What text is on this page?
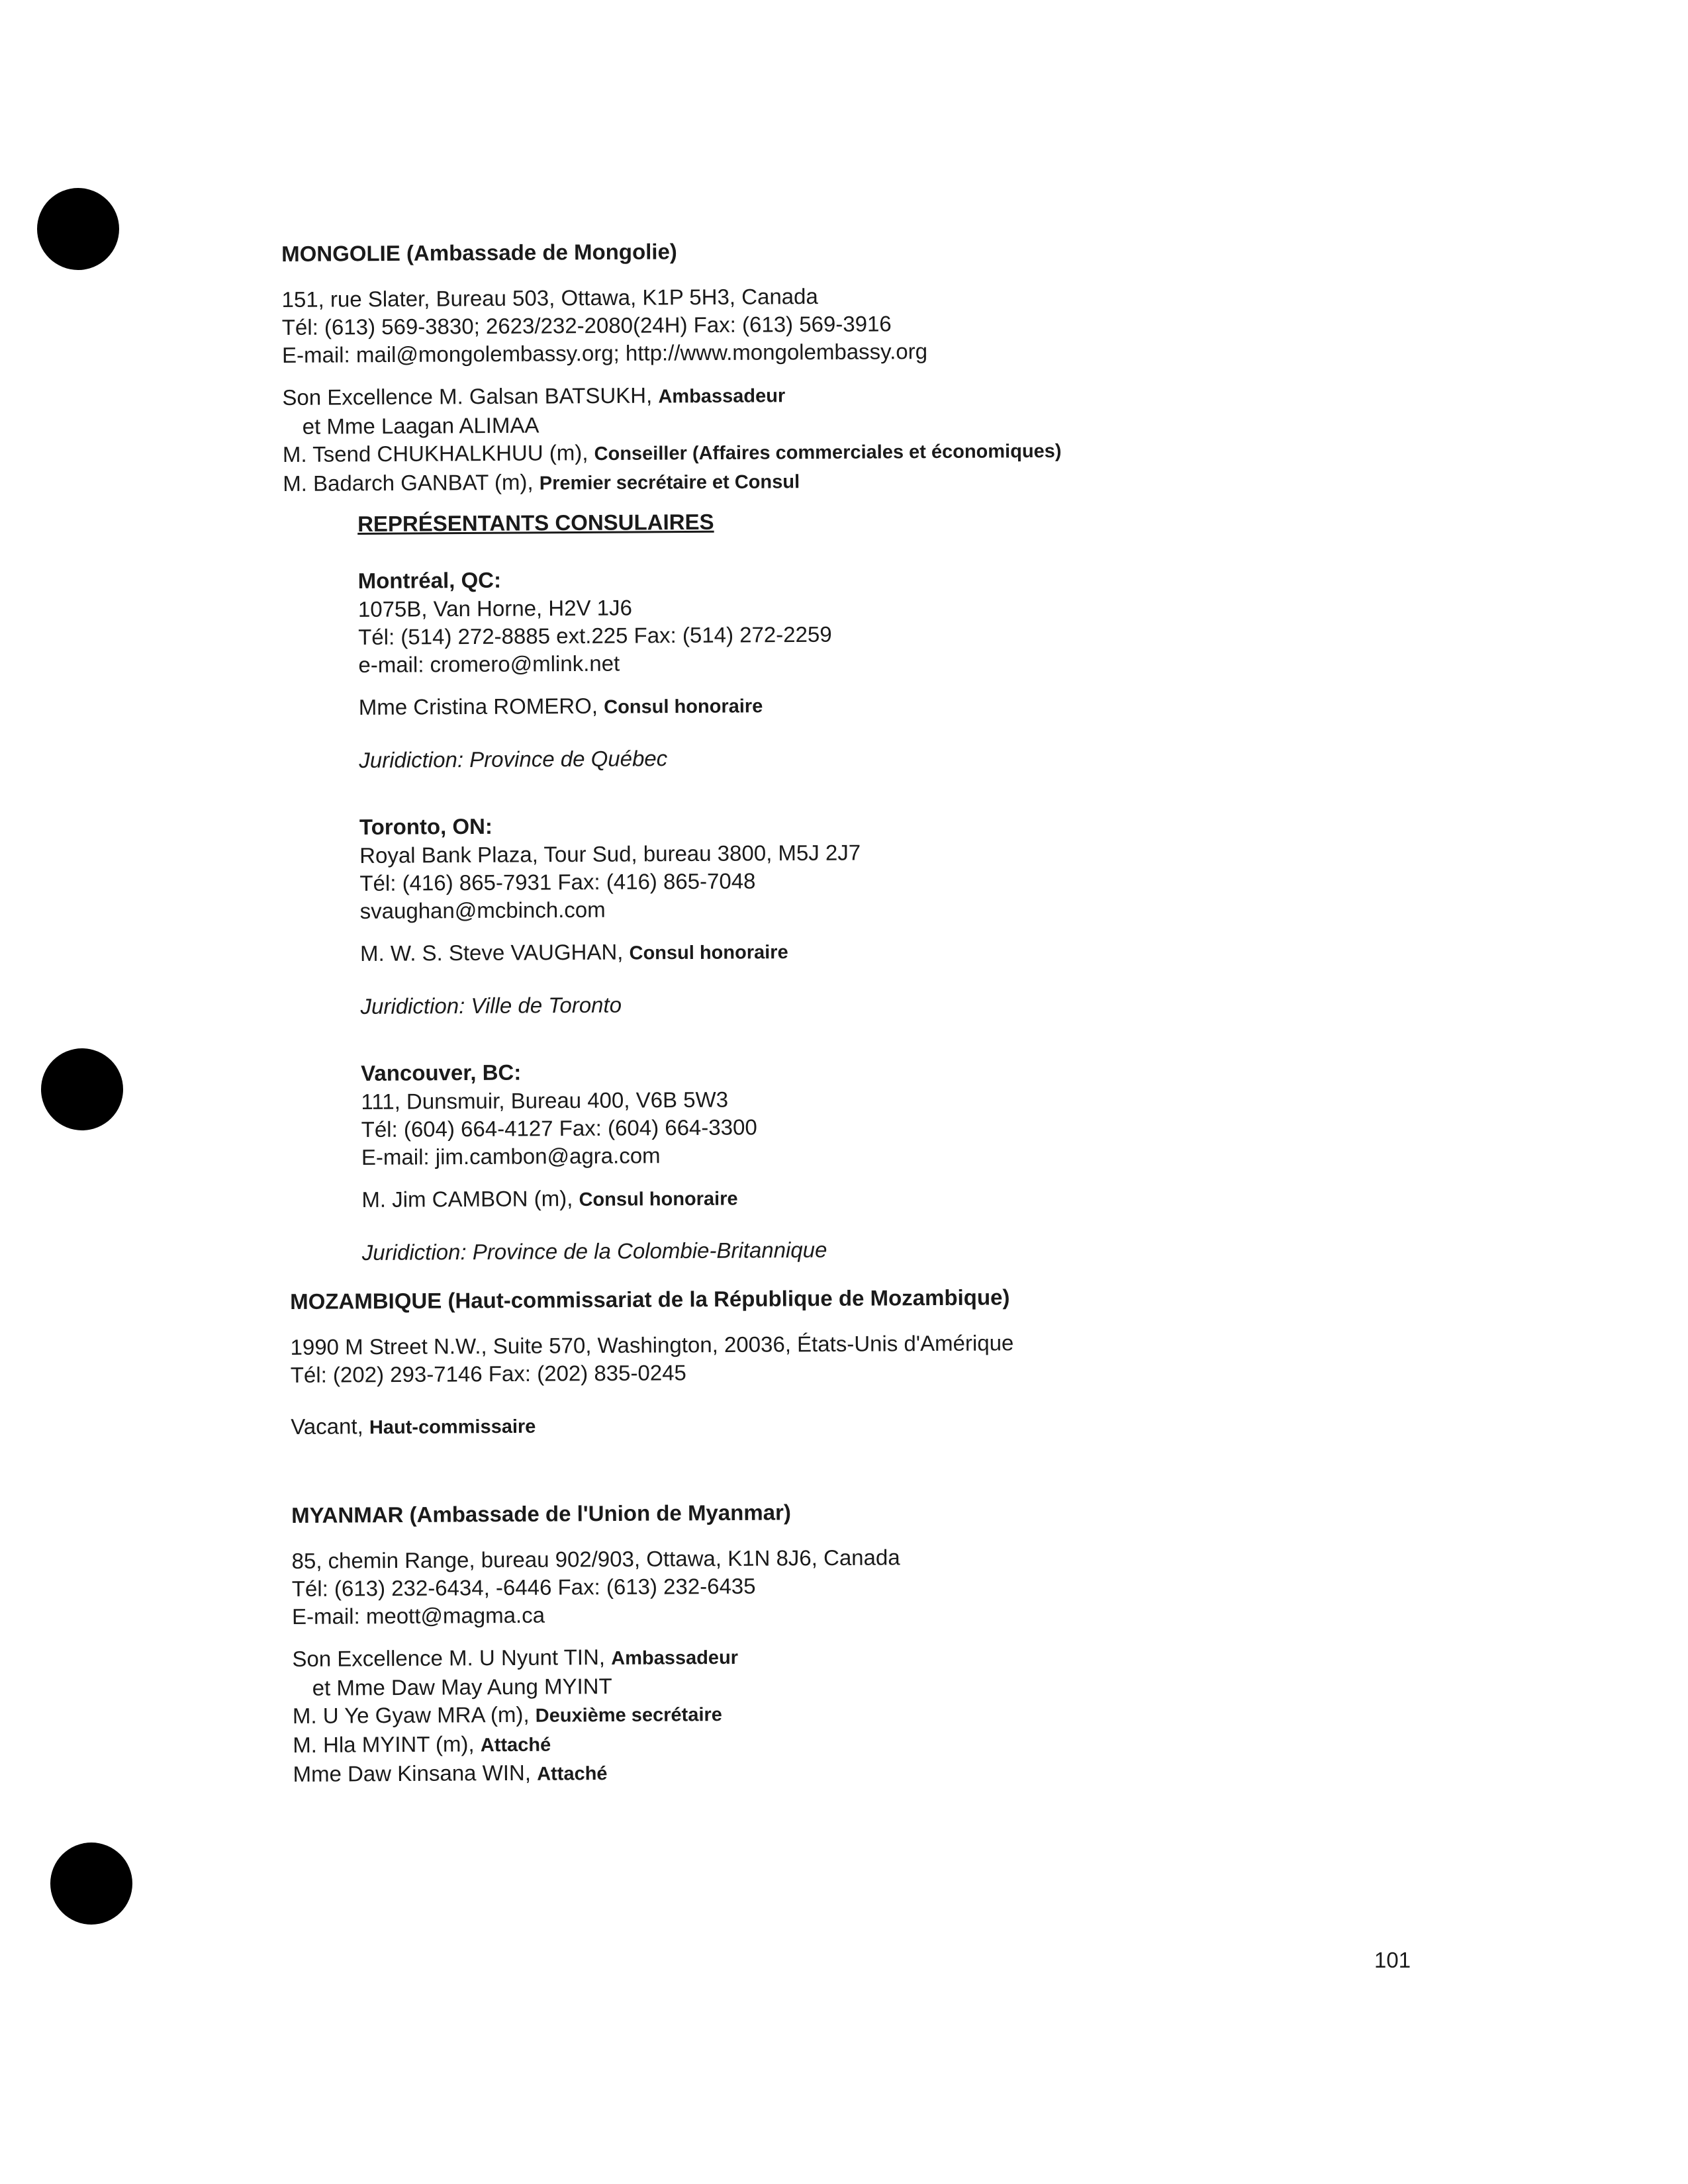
MONGOLIE (Ambassade de Mongolie)
151, rue Slater, Bureau 503, Ottawa, K1P 5H3, Canada
Tél: (613) 569-3830; 2623/232-2080(24H) Fax: (613) 569-3916
E-mail: mail@mongolembassy.org; http://www.mongolembassy.org
Son Excellence M. Galsan BATSUKH, Ambassadeur
et Mme Laagan ALIMAA
M. Tsend CHUKHALKHUU (m), Conseiller (Affaires commerciales et économiques)
M. Badarch GANBAT (m), Premier secrétaire et Consul
REPRÉSENTANTS CONSULAIRES
Montréal, QC:
1075B, Van Horne, H2V 1J6
Tél: (514) 272-8885 ext.225 Fax: (514) 272-2259
e-mail: cromero@mlink.net
Mme Cristina ROMERO, Consul honoraire
Juridiction: Province de Québec
Toronto, ON:
Royal Bank Plaza, Tour Sud, bureau 3800, M5J 2J7
Tél: (416) 865-7931 Fax: (416) 865-7048
svaughan@mcbinch.com
M. W. S. Steve VAUGHAN, Consul honoraire
Juridiction: Ville de Toronto
Vancouver, BC:
111, Dunsmuir, Bureau 400, V6B 5W3
Tél: (604) 664-4127 Fax: (604) 664-3300
E-mail: jim.cambon@agra.com
M. Jim CAMBON (m), Consul honoraire
Juridiction: Province de la Colombie-Britannique
MOZAMBIQUE (Haut-commissariat de la République de Mozambique)
1990 M Street N.W., Suite 570, Washington, 20036, États-Unis d'Amérique
Tél: (202) 293-7146 Fax: (202) 835-0245
Vacant, Haut-commissaire
MYANMAR (Ambassade de l'Union de Myanmar)
85, chemin Range, bureau 902/903, Ottawa, K1N 8J6, Canada
Tél: (613) 232-6434, -6446 Fax: (613) 232-6435
E-mail: meott@magma.ca
Son Excellence M. U Nyunt TIN, Ambassadeur
et Mme Daw May Aung MYINT
M. U Ye Gyaw MRA (m), Deuxième secrétaire
M. Hla MYINT (m), Attaché
Mme Daw Kinsana WIN, Attaché
101
